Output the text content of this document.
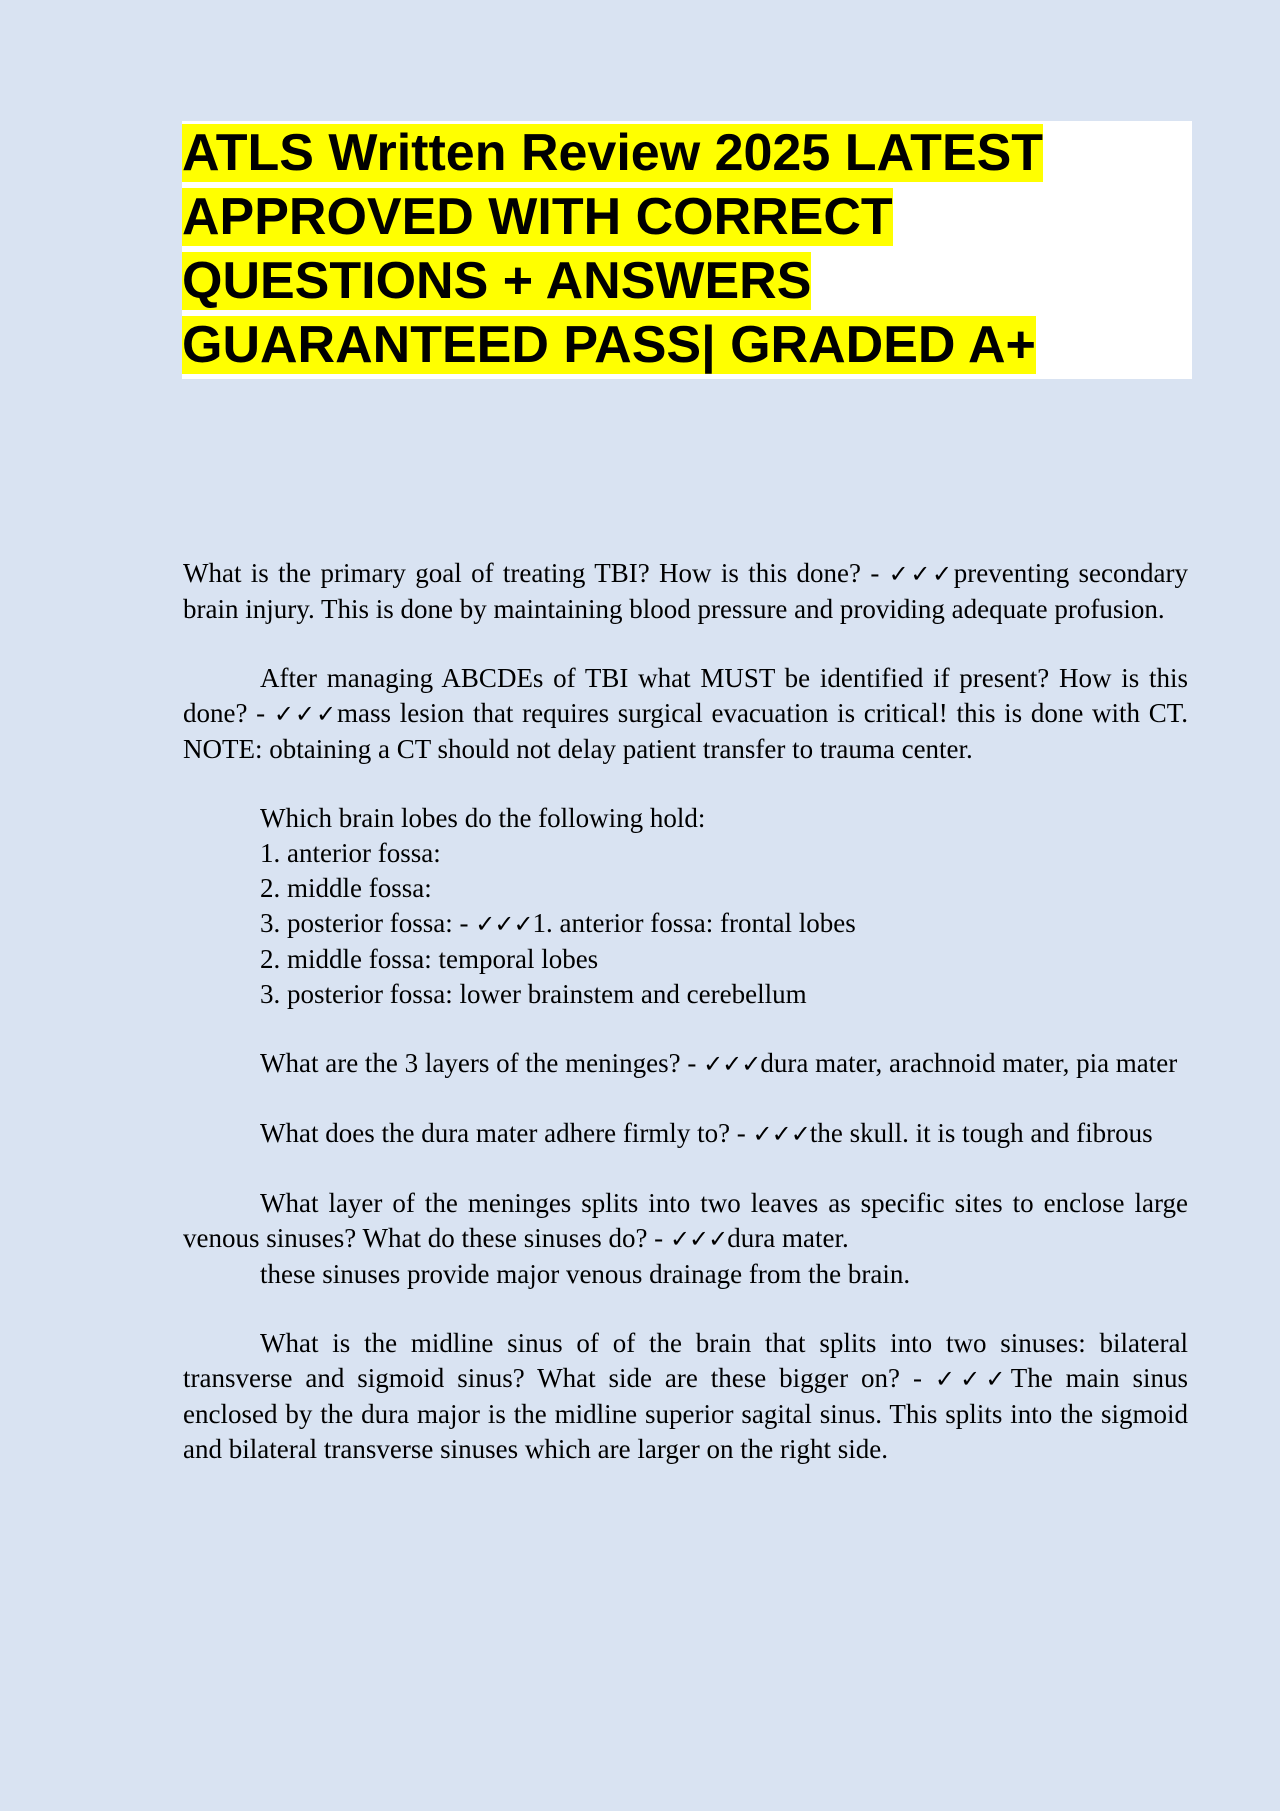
ATLS Written Review 2025 LATEST
APPROVED WITH CORRECT
QUESTIONS + ANSWERS
GUARANTEED PASS| GRADED A+

What is the primary goal of treating TBI? How is this done? - ✓✓✓preventing secondary brain injury. This is done by maintaining blood pressure and providing adequate profusion.

After managing ABCDEs of TBI what MUST be identified if present? How is this done? - ✓✓✓mass lesion that requires surgical evacuation is critical! this is done with CT. NOTE: obtaining a CT should not delay patient transfer to trauma center.

Which brain lobes do the following hold:
1. anterior fossa:
2. middle fossa:
3. posterior fossa: - ✓✓✓1. anterior fossa: frontal lobes
2. middle fossa: temporal lobes
3. posterior fossa: lower brainstem and cerebellum

What are the 3 layers of the meninges? - ✓✓✓dura mater, arachnoid mater, pia mater

What does the dura mater adhere firmly to? - ✓✓✓the skull. it is tough and fibrous

What layer of the meninges splits into two leaves as specific sites to enclose large venous sinuses? What do these sinuses do? - ✓✓✓dura mater.
these sinuses provide major venous drainage from the brain.

What is the midline sinus of of the brain that splits into two sinuses: bilateral transverse and sigmoid sinus? What side are these bigger on? - ✓✓✓The main sinus enclosed by the dura major is the midline superior sagital sinus. This splits into the sigmoid and bilateral transverse sinuses which are larger on the right side.
